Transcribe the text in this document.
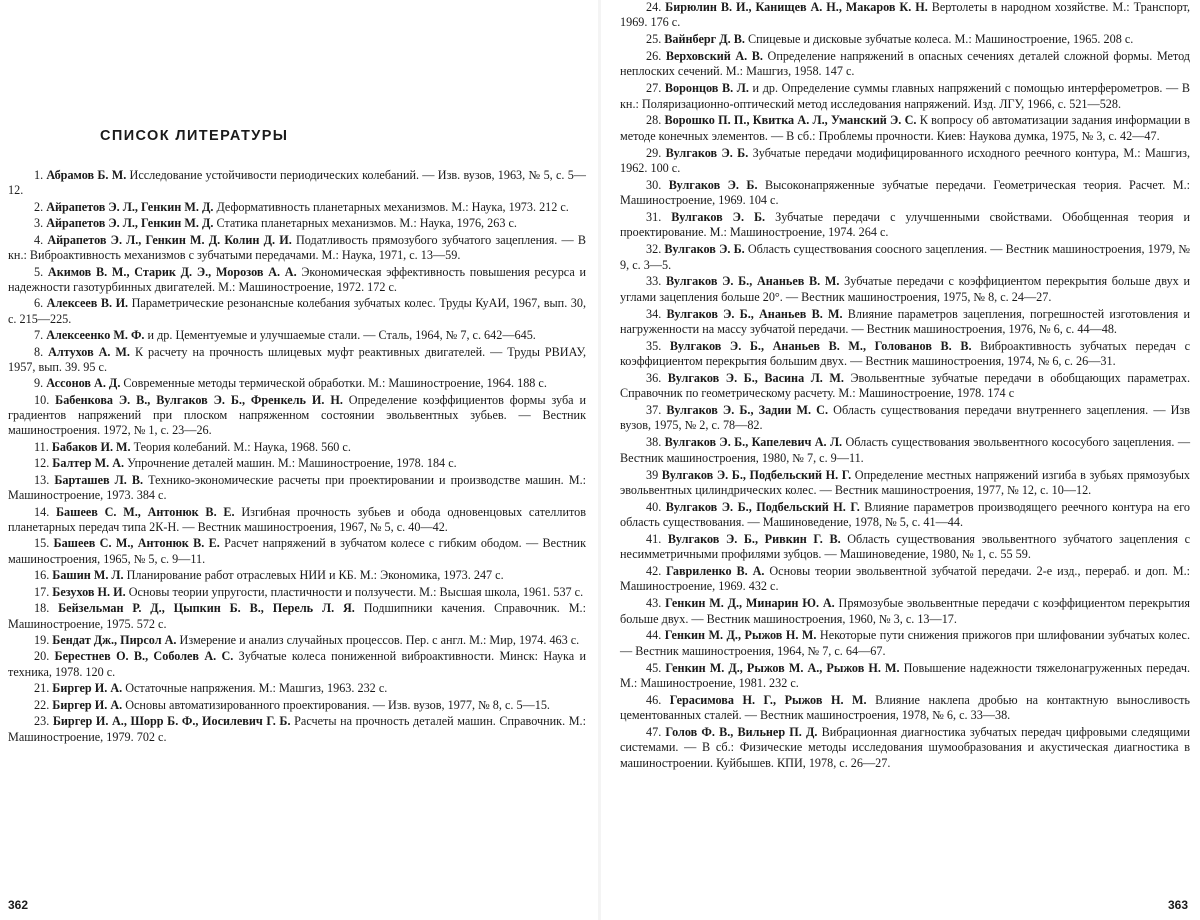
СПИСОК ЛИТЕРАТУРЫ
1. Абрамов Б. М. Исследование устойчивости периодических колебаний. — Изв. вузов, 1963, № 5, с. 5—12.
2. Айрапетов Э. Л., Генкин М. Д. Деформативность планетарных механизмов. М.: Наука, 1973. 212 с.
3. Айрапетов Э. Л., Генкин М. Д. Статика планетарных механизмов. М.: Наука, 1976, 263 с.
4. Айрапетов Э. Л., Генкин М. Д. Колин Д. И. Податливость прямозубого зубчатого зацепления. — В кн.: Виброактивность механизмов с зубчатыми передачами. М.: Наука, 1971, с. 13—59.
5. Акимов В. М., Старик Д. Э., Морозов А. А. Экономическая эффективность повышения ресурса и надежности газотурбинных двигателей. М.: Машиностроение, 1972. 172 с.
6. Алексеев В. И. Параметрические резонансные колебания зубчатых колес. Труды КуАИ, 1967, вып. 30, с. 215—225.
7. Алексеенко М. Ф. и др. Цементуемые и улучшаемые стали. — Сталь, 1964, № 7, с. 642—645.
8. Алтухов А. М. К расчету на прочность шлицевых муфт реактивных двигателей. — Труды РВИАУ, 1957, вып. 39. 95 с.
9. Ассонов А. Д. Современные методы термической обработки. М.: Машиностроение, 1964. 188 с.
10. Бабенкова Э. В., Вулгаков Э. Б., Френкель И. Н. Определение коэффициентов формы зуба и градиентов напряжений при плоском напряженном состоянии эвольвентных зубьев. — Вестник машиностроения. 1972, № 1, с. 23—26.
11. Бабаков И. М. Теория колебаний. М.: Наука, 1968. 560 с.
12. Балтер М. А. Упрочнение деталей машин. М.: Машиностроение, 1978. 184 с.
13. Барташев Л. В. Технико-экономические расчеты при проектировании и производстве машин. М.: Машиностроение, 1973. 384 с.
14. Башеев С. М., Антонюк В. Е. Изгибная прочность зубьев и обода одновенцовых сателлитов планетарных передач типа 2К-Н. — Вестник машиностроения, 1967, № 5, с. 40—42.
15. Башеев С. М., Антонюк В. Е. Расчет напряжений в зубчатом колесе с гибким ободом. — Вестник машиностроения, 1965, № 5, с. 9—11.
16. Башин М. Л. Планирование работ отраслевых НИИ и КБ. М.: Экономика, 1973. 247 с.
17. Безухов Н. И. Основы теории упругости, пластичности и ползучести. М.: Высшая школа, 1961. 537 с.
18. Бейзельман Р. Д., Цыпкин Б. В., Перель Л. Я. Подшипники качения. Справочник. М.: Машиностроение, 1975. 572 с.
19. Бендат Дж., Пирсол А. Измерение и анализ случайных процессов. Пер. с англ. М.: Мир, 1974. 463 с.
20. Берестнев О. В., Соболев А. С. Зубчатые колеса пониженной виброактивности. Минск: Наука и техника, 1978. 120 с.
21. Биргер И. А. Остаточные напряжения. М.: Машгиз, 1963. 232 с.
22. Биргер И. А. Основы автоматизированного проектирования. — Изв. вузов, 1977, № 8, с. 5—15.
23. Биргер И. А., Шорр Б. Ф., Иосилевич Г. Б. Расчеты на прочность деталей машин. Справочник. М.: Машиностроение, 1979. 702 с.
362
24. Бирюлин В. И., Канищев А. Н., Макаров К. Н. Вертолеты в народном хозяйстве. М.: Транспорт, 1969. 176 с.
25. Вайнберг Д. В. Спицевые и дисковые зубчатые колеса. М.: Машиностроение, 1965. 208 с.
26. Верховский А. В. Определение напряжений в опасных сечениях деталей сложной формы. Метод неплоских сечений. М.: Машгиз, 1958. 147 с.
27. Воронцов В. Л. и др. Определение суммы главных напряжений с помощью интерферометров. — В кн.: Поляризационно-оптический метод исследования напряжений. Изд. ЛГУ, 1966, с. 521—528.
28. Ворошко П. П., Квитка А. Л., Уманский Э. С. К вопросу об автоматизации задания информации в методе конечных элементов. — В сб.: Проблемы прочности. Киев: Наукова думка, 1975, № 3, с. 42—47.
29. Вулгаков Э. Б. Зубчатые передачи модифицированного исходного реечного контура, М.: Машгиз, 1962. 100 с.
30. Вулгаков Э. Б. Высоконапряженные зубчатые передачи. Геометрическая теория. Расчет. М.: Машиностроение, 1969. 104 с.
31. Вулгаков Э. Б. Зубчатые передачи с улучшенными свойствами. Обобщенная теория и проектирование. М.: Машиностроение, 1974. 264 с.
32. Вулгаков Э. Б. Область существования соосного зацепления. — Вестник машиностроения, 1979, № 9, с. 3—5.
33. Вулгаков Э. Б., Ананьев В. М. Зубчатые передачи с коэффициентом перекрытия больше двух и углами зацепления больше 20°. — Вестник машиностроения, 1975, № 8, с. 24—27.
34. Вулгаков Э. Б., Ананьев В. М. Влияние параметров зацепления, погрешностей изготовления и нагруженности на массу зубчатой передачи. — Вестник машиностроения, 1976, № 6, с. 44—48.
35. Вулгаков Э. Б., Ананьев В. М., Голованов В. В. Виброактивность зубчатых передач с коэффициентом перекрытия большим двух. — Вестник машиностроения, 1974, № 6, с. 26—31.
36. Вулгаков Э. Б., Васина Л. М. Эвольвентные зубчатые передачи в обобщающих параметрах. Справочник по геометрическому расчету. М.: Машиностроение, 1978. 174 с
37. Вулгаков Э. Б., Задии М. С. Область существования передачи внутреннего зацепления. — Изв вузов, 1975, № 2, с. 78—82.
38. Вулгаков Э. Б., Капелевич А. Л. Область существования эвольвентного кососубого зацепления. — Вестник машиностроения, 1980, № 7, с. 9—11.
39 Вулгаков Э. Б., Подбельский Н. Г. Определение местных напряжений изгиба в зубьях прямозубых эвольвентных цилиндрических колес. — Вестник машиностроения, 1977, № 12, с. 10—12.
40. Вулгаков Э. Б., Подбельский Н. Г. Влияние параметров производящего реечного контура на его область существования. — Машиноведение, 1978, № 5, с. 41—44.
41. Вулгаков Э. Б., Ривкин Г. В. Область существования эвольвентного зубчатого зацепления с несимметричными профилями зубцов. — Машиноведение, 1980, № 1, с. 55 59.
42. Гавриленко В. А. Основы теории эвольвентной зубчатой передачи. 2-е изд., перераб. и доп. М.: Машиностроение, 1969. 432 с.
43. Генкин М. Д., Минарин Ю. А. Прямозубые эвольвентные передачи с коэффициентом перекрытия больше двух. — Вестник машиностроения, 1960, № 3, с. 13—17.
44. Генкин М. Д., Рыжов Н. М. Некоторые пути снижения прижогов при шлифовании зубчатых колес. — Вестник машиностроения, 1964, № 7, с. 64—67.
45. Генкин М. Д., Рыжов М. А., Рыжов Н. М. Повышение надежности тяжелонагруженных передач. М.: Машиностроение, 1981. 232 с.
46. Герасимова Н. Г., Рыжов Н. М. Влияние наклепа дробью на контактную выносливость цементованных сталей. — Вестник машиностроения, 1978, № 6, с. 33—38.
47. Голов Ф. В., Вильнер П. Д. Вибрационная диагностика зубчатых передач цифровыми следящими системами. — В сб.: Физические методы исследования шумообразования и акустическая диагностика в машиностроении. Куйбышев. КПИ, 1978, с. 26—27.
363
